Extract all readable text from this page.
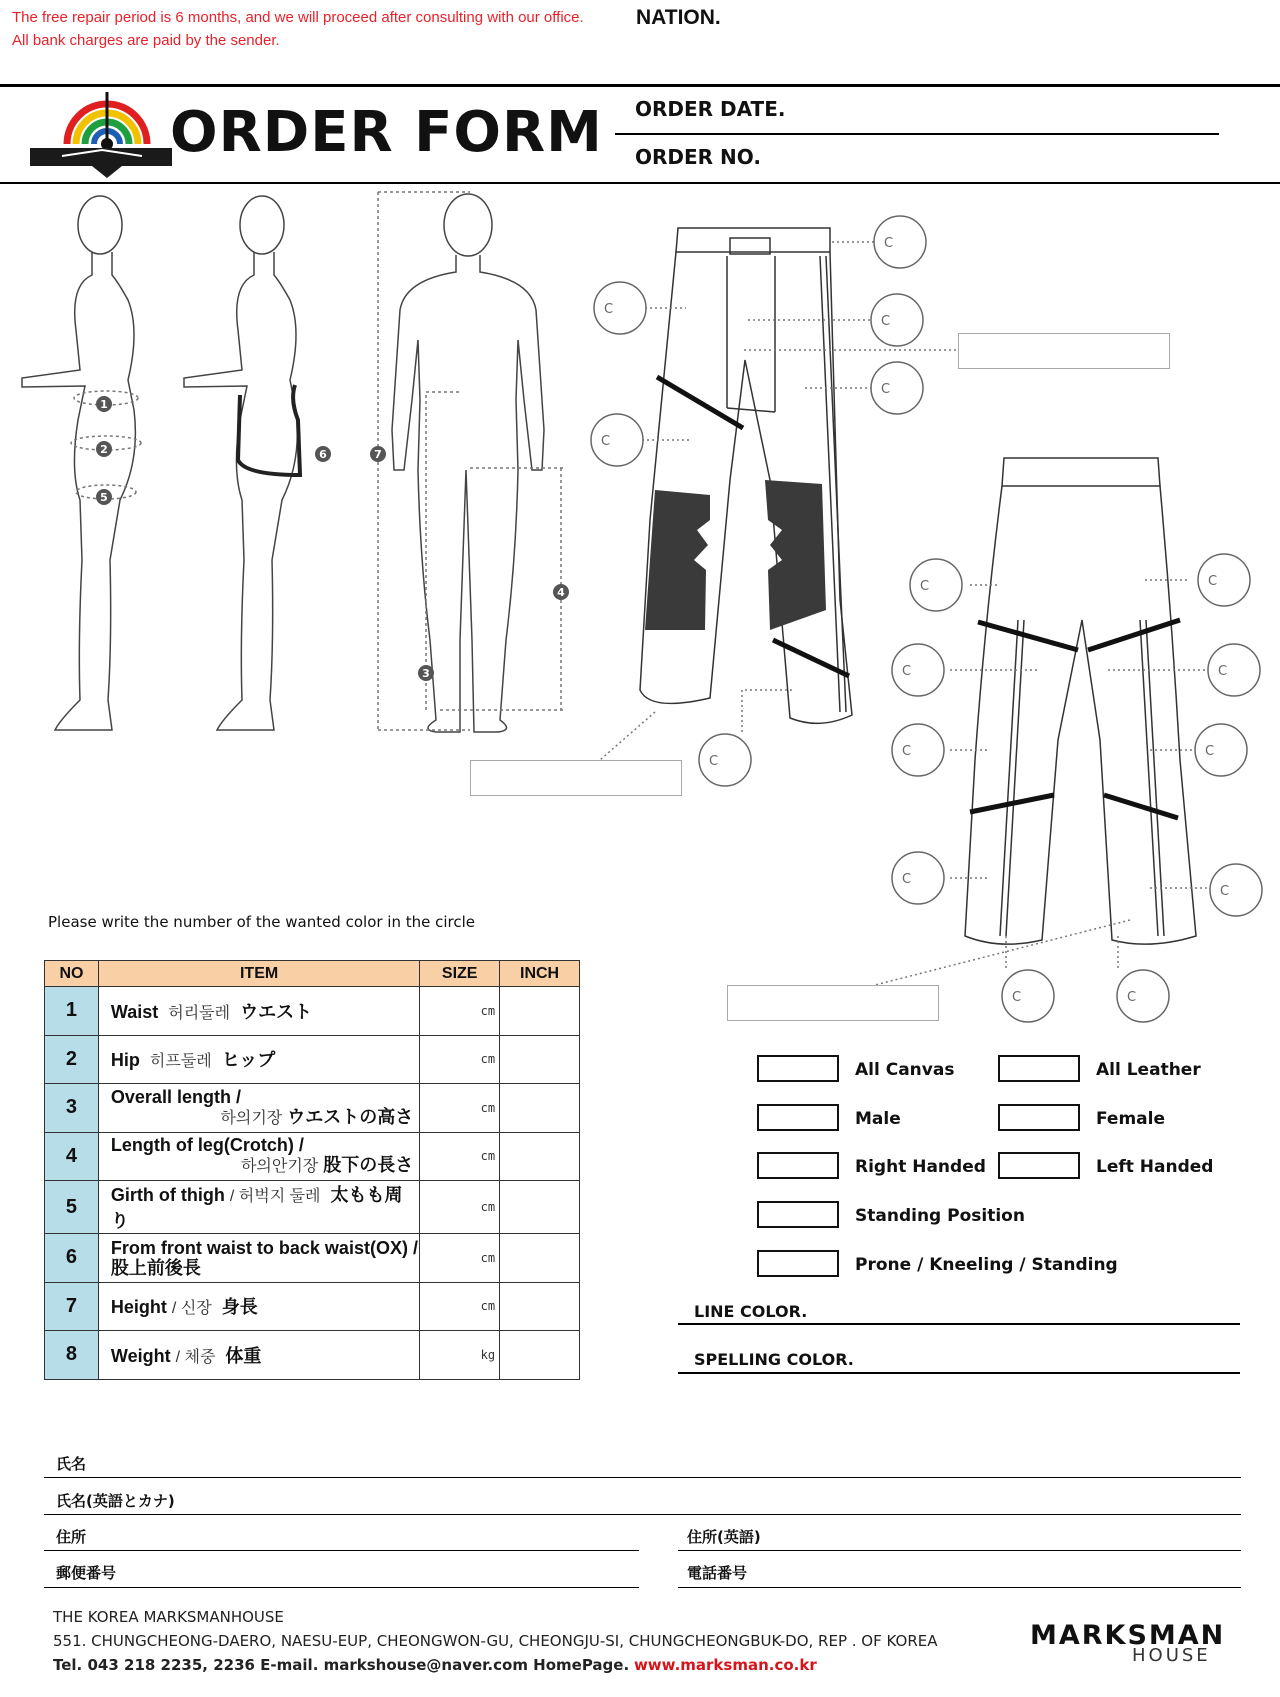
The free repair period is 6 months, and we will proceed after consulting with our office.
All bank charges are paid by the sender.
NATION.
ORDER FORM ORDER DATE.
ORDER NO.
1
2
3
4
5
6	7
C
C
C
C
C
C	C
C	C
C	C
C
C
C
C
C
Please write the number of the wanted color in the circle
NO	ITEM	SIZE	INCH
1	Waist 허리둘레 ウエスト	cm	
2	Hip 히프둘레 ヒップ	cm	
3	Overall length /
하의기장 ウエストの高さ	cm	
4	Length of leg(Crotch) /
하의안기장 股下の長さ	cm	
5	Girth of thigh / 허벅지 둘레 太もも周り	cm	
6	From front waist to back waist(OX) /
股上前後長	cm	
7	Height / 신장 身長	cm	
8	Weight / 체중 体重	kg	
All Canvas	All Leather
Male	Female
Right Handed	Left Handed
Standing Position
Prone / Kneeling / Standing
LINE COLOR.
SPELLING COLOR.
氏名
氏名(英語とカナ)
住所	住所(英語)
郵便番号	電話番号
THE KOREA MARKSMANHOUSE
551. CHUNGCHEONG-DAERO, NAESU-EUP, CHEONGWON-GU, CHEONGJU-SI, CHUNGCHEONGBUK-DO, REP . OF KOREA
Tel. 043 218 2235, 2236 E-mail. markshouse@naver.com HomePage. www.marksman.co.kr
MARKSMAN
HOUSE
